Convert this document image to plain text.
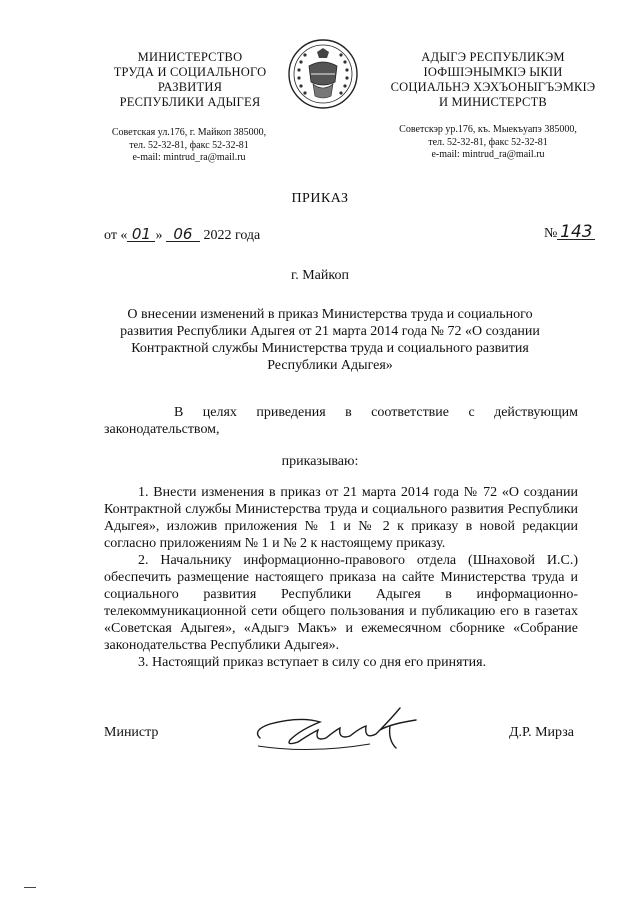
МИНИСТЕРСТВО
ТРУДА И СОЦИАЛЬНОГО
РАЗВИТИЯ
РЕСПУБЛИКИ АДЫГЕЯ
АДЫГЭ РЕСПУБЛИКЭМ
ІОФШІЭНЫМКІЭ ЫКІИ
СОЦИАЛЬНЭ ХЭХЪОНЫГЪЭМКІЭ
И МИНИСТЕРСТВ
Советская ул.176, г. Майкоп 385000,
тел. 52-32-81, факс 52-32-81
e-mail: mintrud_ra@mail.ru
Советскэр ур.176, къ. Мыекъуапэ 385000,
тел. 52-32-81, факс 52-32-81
e-mail: mintrud_ra@mail.ru
ПРИКАЗ
от « 01 » 06 2022 года	№ 143
г. Майкоп
О внесении изменений в приказ Министерства труда и социального развития Республики Адыгея от 21 марта 2014 года № 72 «О создании Контрактной службы Министерства труда и социального развития Республики Адыгея»
В целях приведения в соответствие с действующим
законодательством,
приказываю:

1. Внести изменения в приказ от 21 марта 2014 года № 72 «О создании Контрактной службы Министерства труда и социального развития Республики Адыгея», изложив приложения № 1 и № 2 к приказу в новой редакции согласно приложениям № 1 и № 2 к настоящему приказу.

2. Начальнику информационно-правового отдела (Шнаховой И.С.) обеспечить размещение настоящего приказа на сайте Министерства труда и социального развития Республики Адыгея в информационно-телекоммуникационной сети общего пользования и публикацию его в газетах «Советская Адыгея», «Адыгэ Макъ» и ежемесячном сборнике «Собрание законодательства Республики Адыгея».

3. Настоящий приказ вступает в силу со дня его принятия.

Министр	Д.Р. Мирза
